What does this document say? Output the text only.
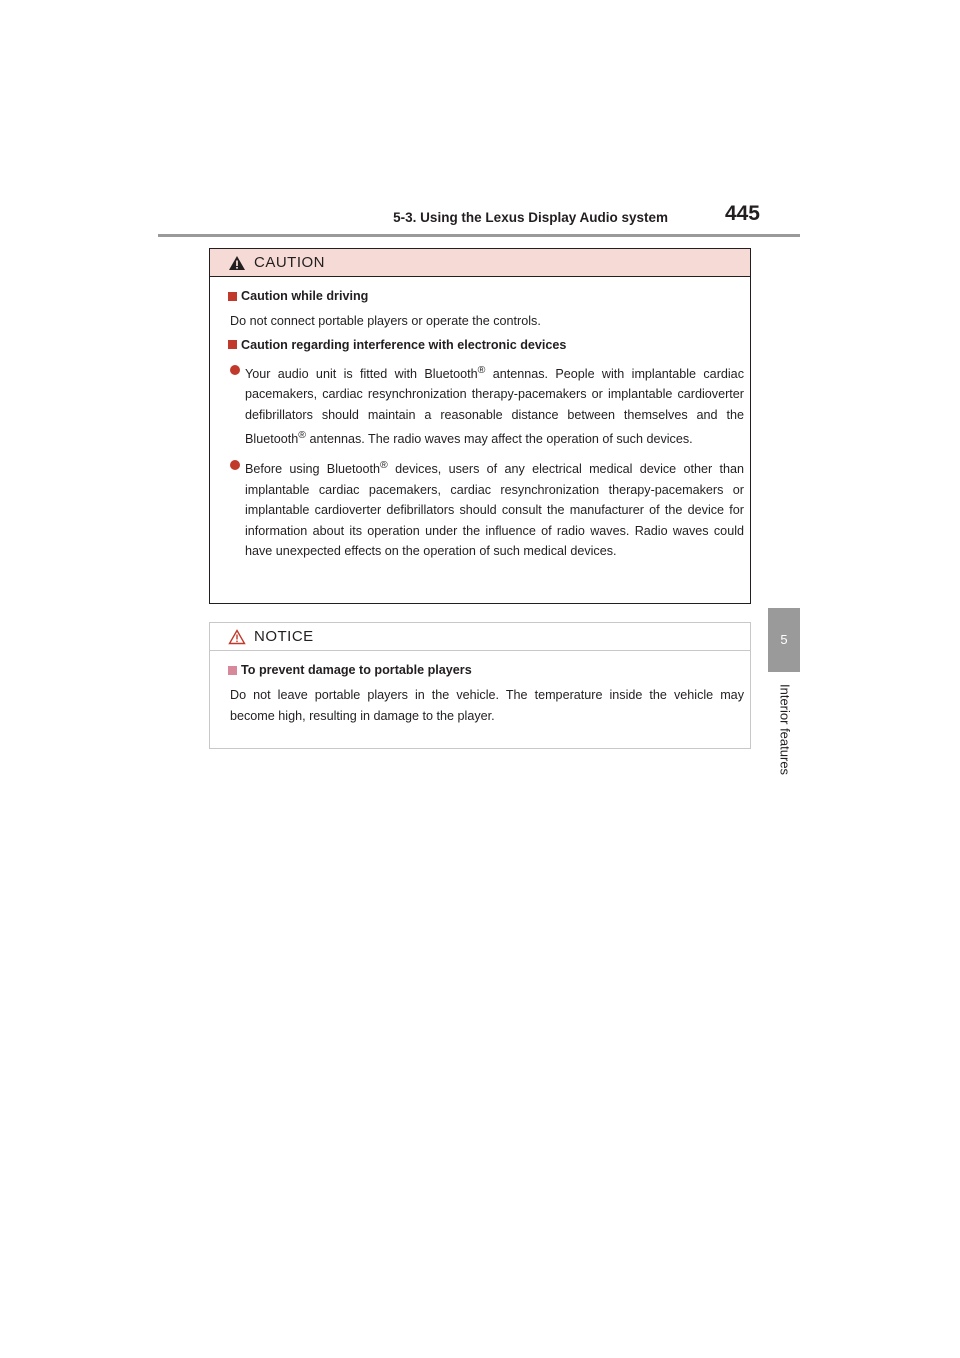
5-3. Using the Lexus Display Audio system	445
5
Interior features
CAUTION
Caution while driving
Do not connect portable players or operate the controls.
Caution regarding interference with electronic devices
Your audio unit is fitted with Bluetooth® antennas. People with implantable cardiac pacemakers, cardiac resynchronization therapy-pacemakers or implantable cardioverter defibrillators should maintain a reasonable distance between themselves and the Bluetooth® antennas. The radio waves may affect the operation of such devices.
Before using Bluetooth® devices, users of any electrical medical device other than implantable cardiac pacemakers, cardiac resynchronization therapy-pacemakers or implantable cardioverter defibrillators should consult the manufacturer of the device for information about its operation under the influence of radio waves. Radio waves could have unexpected effects on the operation of such medical devices.
NOTICE
To prevent damage to portable players
Do not leave portable players in the vehicle. The temperature inside the vehicle may become high, resulting in damage to the player.
